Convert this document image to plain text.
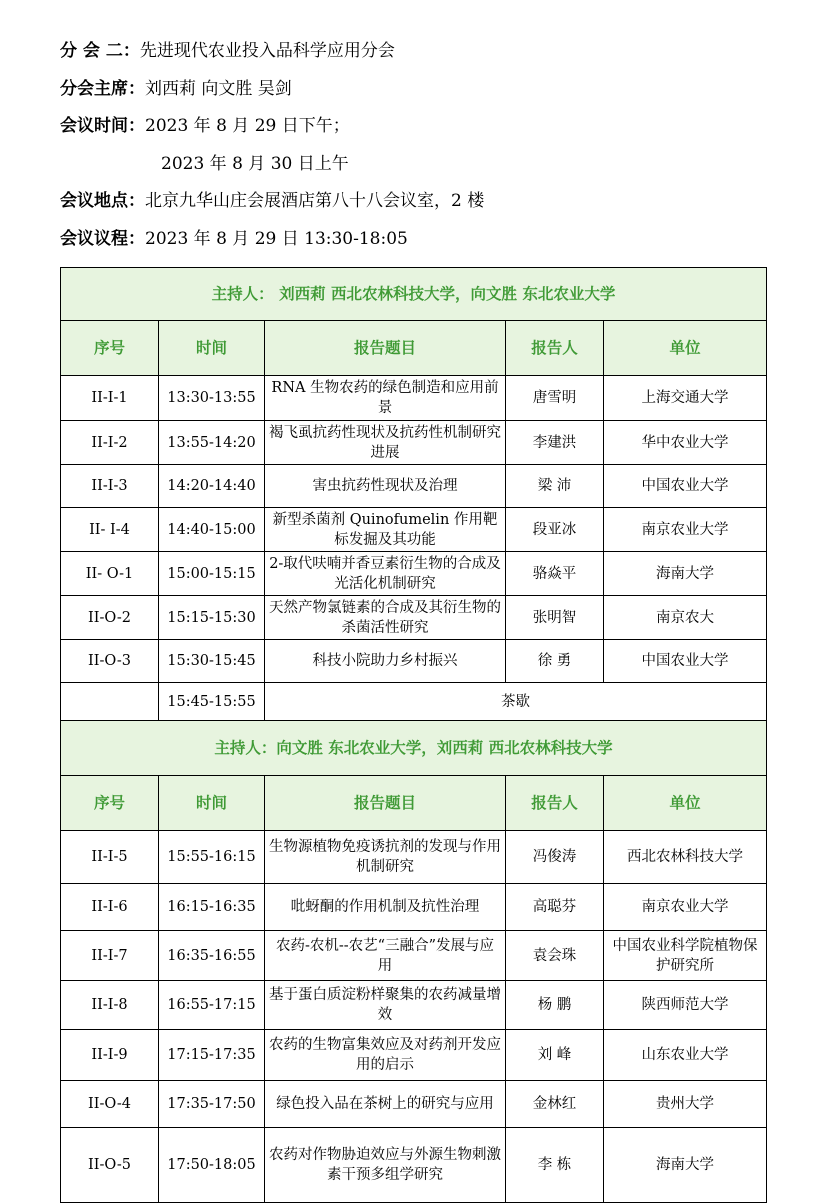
分 会 二：先进现代农业投入品科学应用分会
分会主席：刘西莉 向文胜 吴剑
会议时间：2023 年 8 月 29 日下午；
2023 年 8 月 30 日上午
会议地点：北京九华山庄会展酒店第八十八会议室，2 楼
会议议程：2023 年 8 月 29 日 13:30-18:05
主持人： 刘西莉 西北农林科技大学，向文胜 东北农业大学				
序号	时间	报告题目	报告人	单位
II-I-1	13:30-13:55	RNA 生物农药的绿色制造和应用前景	唐雪明	上海交通大学
II-I-2	13:55-14:20	褐飞虱抗药性现状及抗药性机制研究进展	李建洪	华中农业大学
II-I-3	14:20-14:40	害虫抗药性现状及治理	梁 沛	中国农业大学
II- I-4	14:40-15:00	新型杀菌剂 Quinofumelin 作用靶标发掘及其功能	段亚冰	南京农业大学
II- O-1	15:00-15:15	2-取代呋喃并香豆素衍生物的合成及光活化机制研究	骆焱平	海南大学
II-O-2	15:15-15:30	天然产物氯链素的合成及其衍生物的杀菌活性研究	张明智	南京农大
II-O-3	15:30-15:45	科技小院助力乡村振兴	徐 勇	中国农业大学
	15:45-15:55	茶歇		
主持人：向文胜 东北农业大学，刘西莉 西北农林科技大学				
序号	时间	报告题目	报告人	单位
II-I-5	15:55-16:15	生物源植物免疫诱抗剂的发现与作用机制研究	冯俊涛	西北农林科技大学
II-I-6	16:15-16:35	吡蚜酮的作用机制及抗性治理	高聪芬	南京农业大学
II-I-7	16:35-16:55	农药-农机--农艺“三融合”发展与应用	袁会珠	中国农业科学院植物保护研究所
II-I-8	16:55-17:15	基于蛋白质淀粉样聚集的农药减量增效	杨 鹏	陕西师范大学
II-I-9	17:15-17:35	农药的生物富集效应及对药剂开发应用的启示	刘 峰	山东农业大学
II-O-4	17:35-17:50	绿色投入品在茶树上的研究与应用	金林红	贵州大学
II-O-5	17:50-18:05	农药对作物胁迫效应与外源生物刺激素干预多组学研究	李 栋	海南大学
